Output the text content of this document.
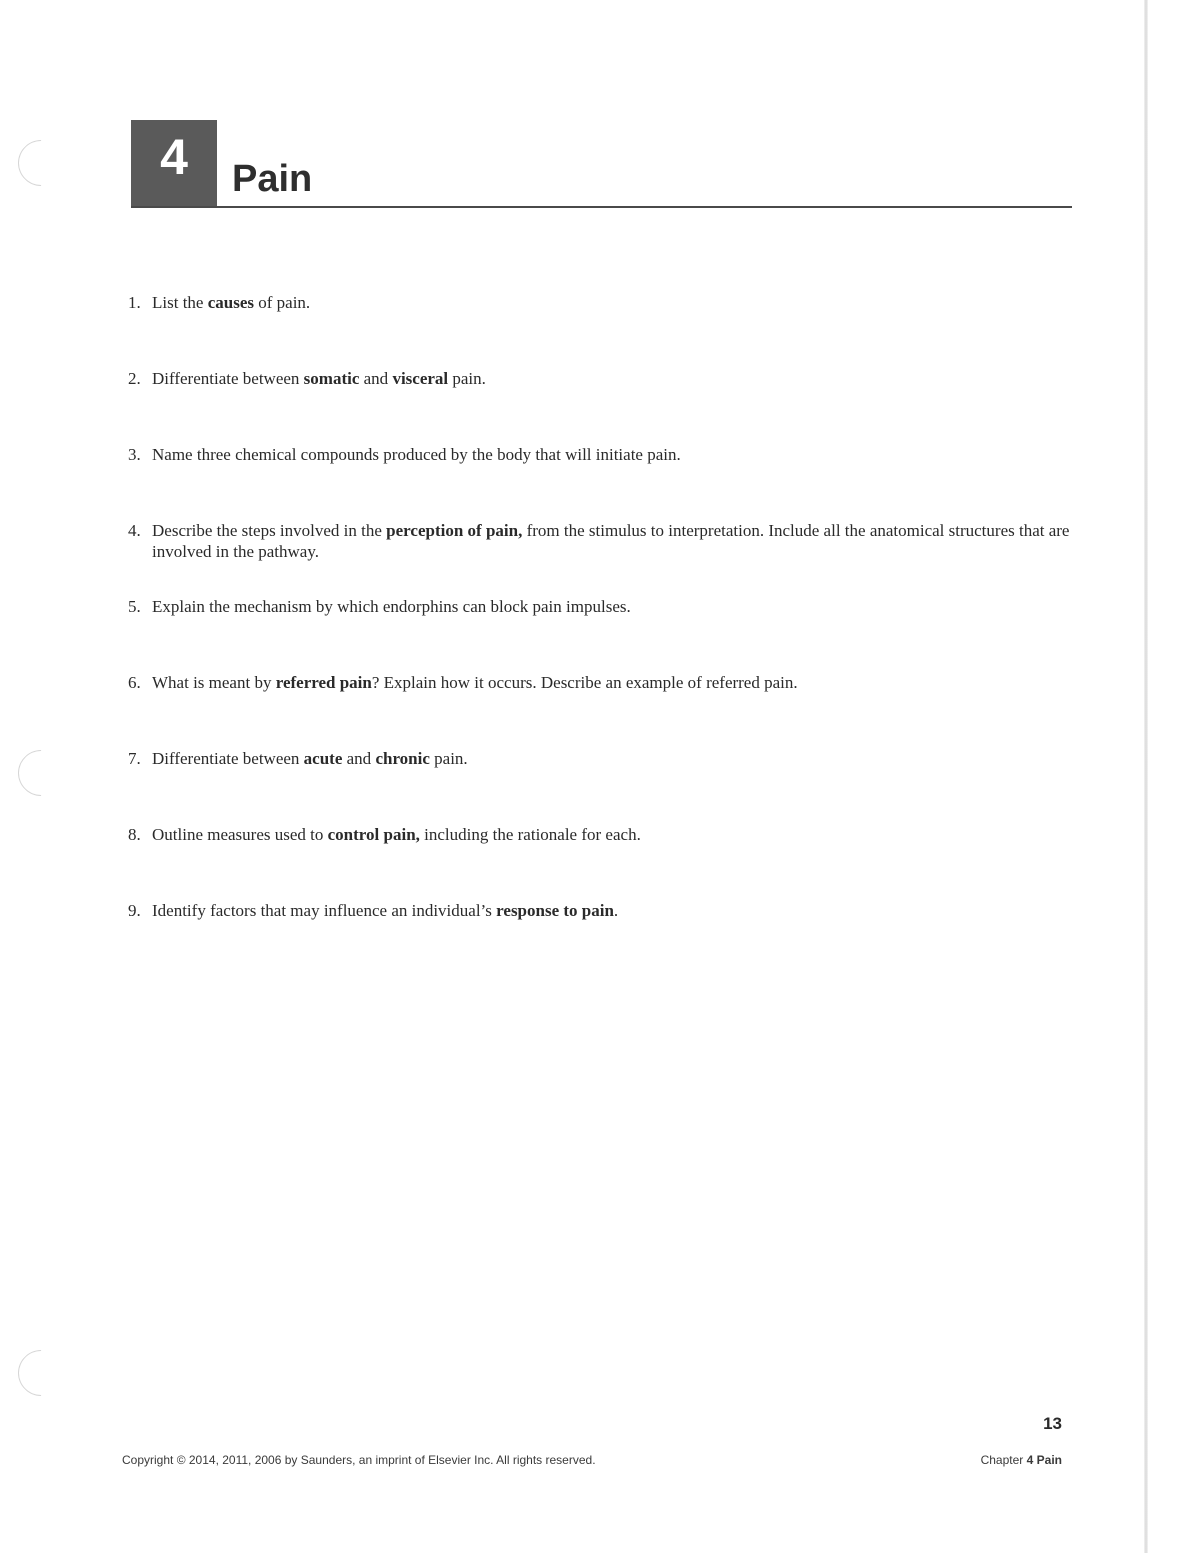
4 Pain
1. List the causes of pain.
2. Differentiate between somatic and visceral pain.
3. Name three chemical compounds produced by the body that will initiate pain.
4. Describe the steps involved in the perception of pain, from the stimulus to interpretation. Include all the anatomical structures that are involved in the pathway.
5. Explain the mechanism by which endorphins can block pain impulses.
6. What is meant by referred pain? Explain how it occurs. Describe an example of referred pain.
7. Differentiate between acute and chronic pain.
8. Outline measures used to control pain, including the rationale for each.
9. Identify factors that may influence an individual’s response to pain.
13
Copyright © 2014, 2011, 2006 by Saunders, an imprint of Elsevier Inc. All rights reserved.	Chapter 4 Pain
